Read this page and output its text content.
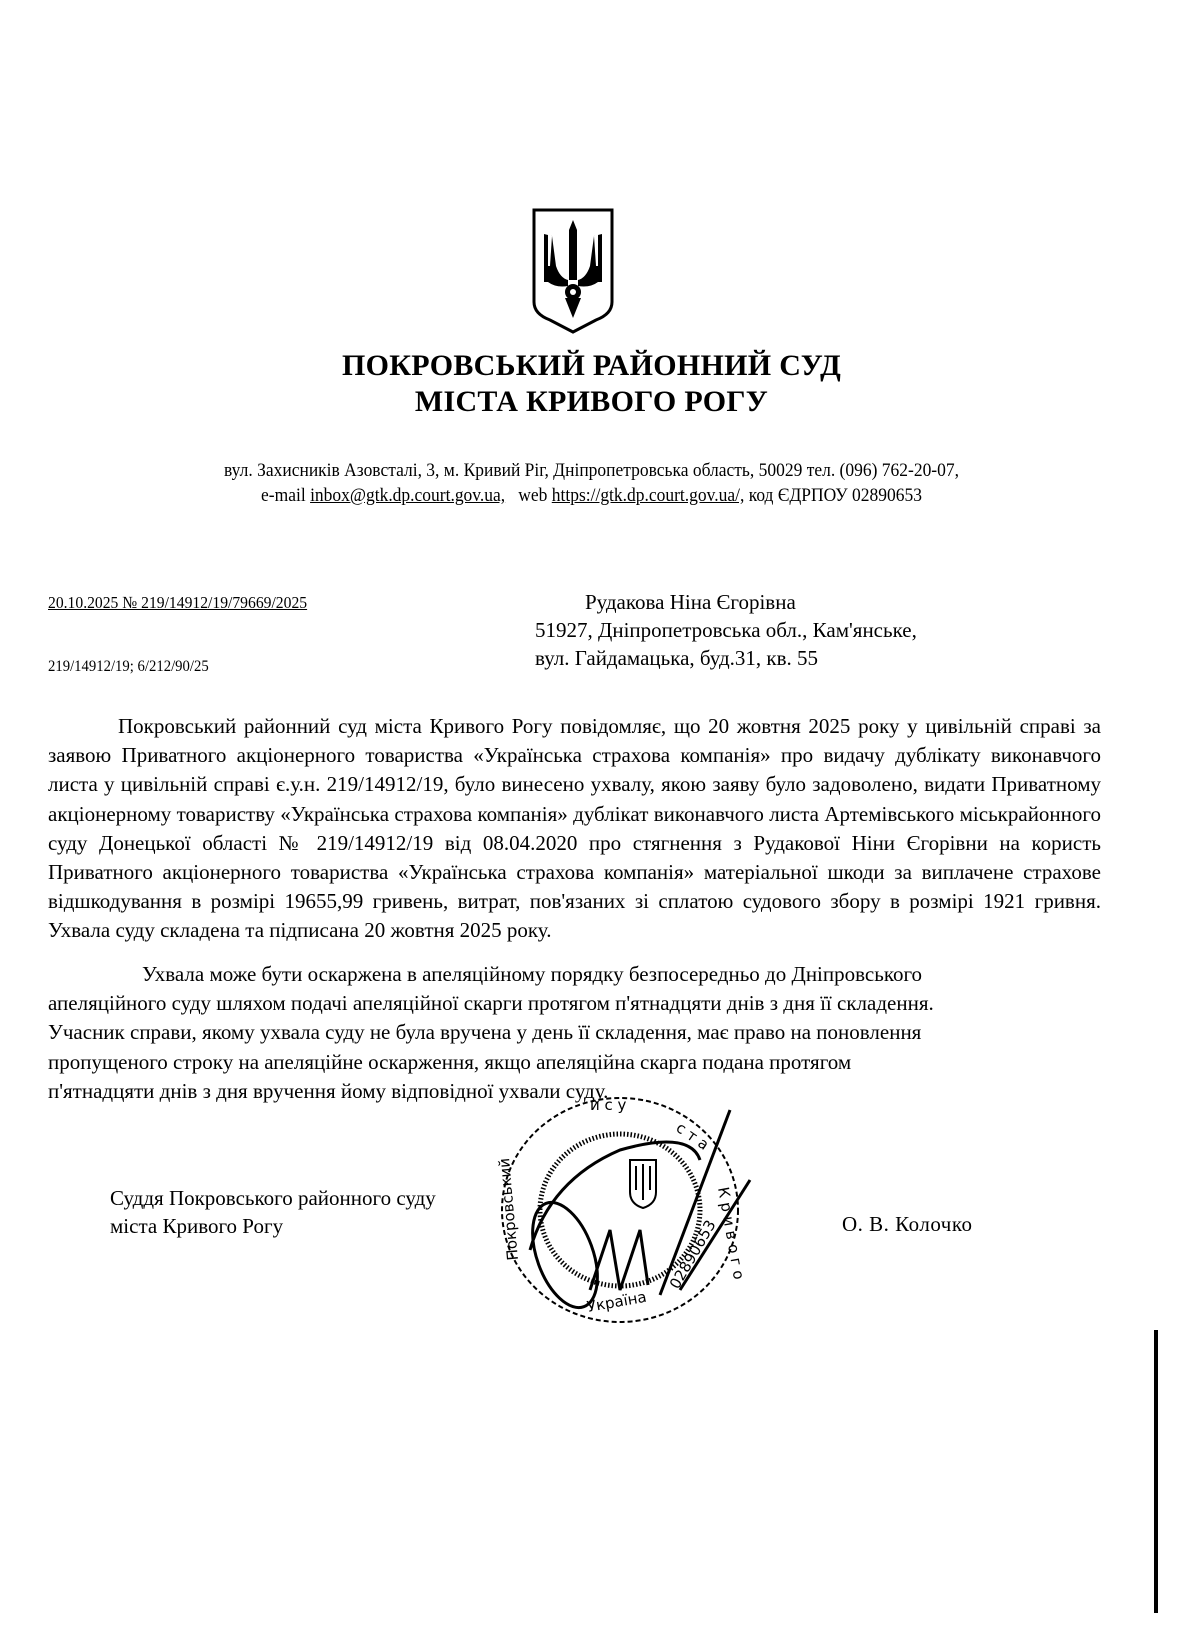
ПОКРОВСЬКИЙ РАЙОННИЙ СУД
МІСТА КРИВОГО РОГУ
вул. Захисників Азовсталі, 3, м. Кривий Ріг, Дніпропетровська область, 50029 тел. (096) 762-20-07,
e-mail inbox@gtk.dp.court.gov.ua, web https://gtk.dp.court.gov.ua/, код ЄДРПОУ 02890653
20.10.2025 № 219/14912/19/79669/2025	Рудакова Ніна Єгорівна
51927, Дніпропетровська обл., Кам'янське,
вул. Гайдамацька, буд.31, кв. 55
219/14912/19; 6/212/90/25

Покровський районний суд міста Кривого Рогу повідомляє, що 20 жовтня 2025 року у цивільній справі за заявою Приватного акціонерного товариства «Українська страхова компанія» про видачу дублікату виконавчого листа у цивільній справі є.у.н. 219/14912/19, було винесено ухвалу, якою заяву було задоволено, видати Приватному акціонерному товариству «Українська страхова компанія» дублікат виконавчого листа Артемівського міськрайонного суду Донецької області № 219/14912/19 від 08.04.2020 про стягнення з Рудакової Ніни Єгорівни на користь Приватного акціонерного товариства «Українська страхова компанія» матеріальної шкоди за виплачене страхове відшкодування в розмірі 19655,99 гривень, витрат, пов'язаних зі сплатою судового збору в розмірі 1921 гривня. Ухвала суду складена та підписана 20 жовтня 2025 року.

Ухвала може бути оскаржена в апеляційному порядку безпосередньо до Дніпровського

апеляційного суду шляхом подачі апеляційної скарги протягом п'ятнадцяти днів з дня її складення.

Учасник справи, якому ухвала суду не була вручена у день її складення, має право на поновлення

пропущеного строку на апеляційне оскарження, якщо апеляційна скарга подана протягом

п'ятнадцяти днів з дня вручення йому відповідної ухвали суду.

Суддя Покровського районного суду
міста Кривого Рогу	О. В. Колочко
с т а
К р и в о г о
02890653
Україна
Покровський
и с у
